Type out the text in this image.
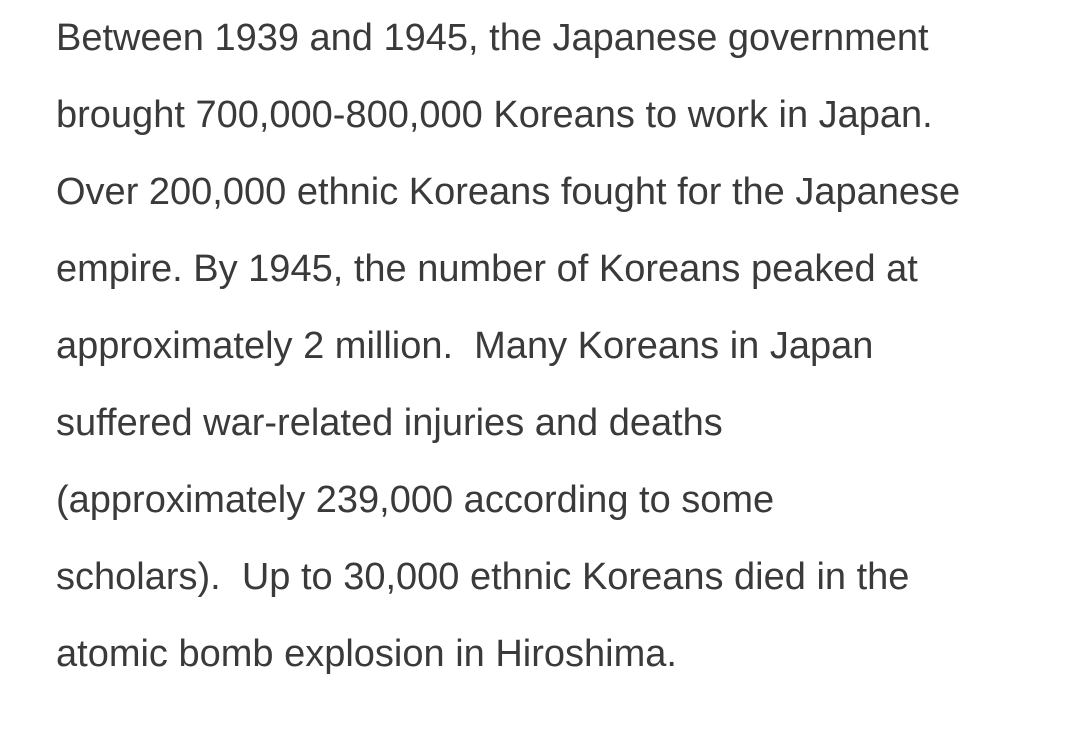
Between 1939 and 1945, the Japanese government
brought 700,000-800,000 Koreans to work in Japan.
Over 200,000 ethnic Koreans fought for the Japanese
empire. By 1945, the number of Koreans peaked at
approximately 2 million.  Many Koreans in Japan
suffered war-related injuries and deaths
(approximately 239,000 according to some
scholars).  Up to 30,000 ethnic Koreans died in the
atomic bomb explosion in Hiroshima.
